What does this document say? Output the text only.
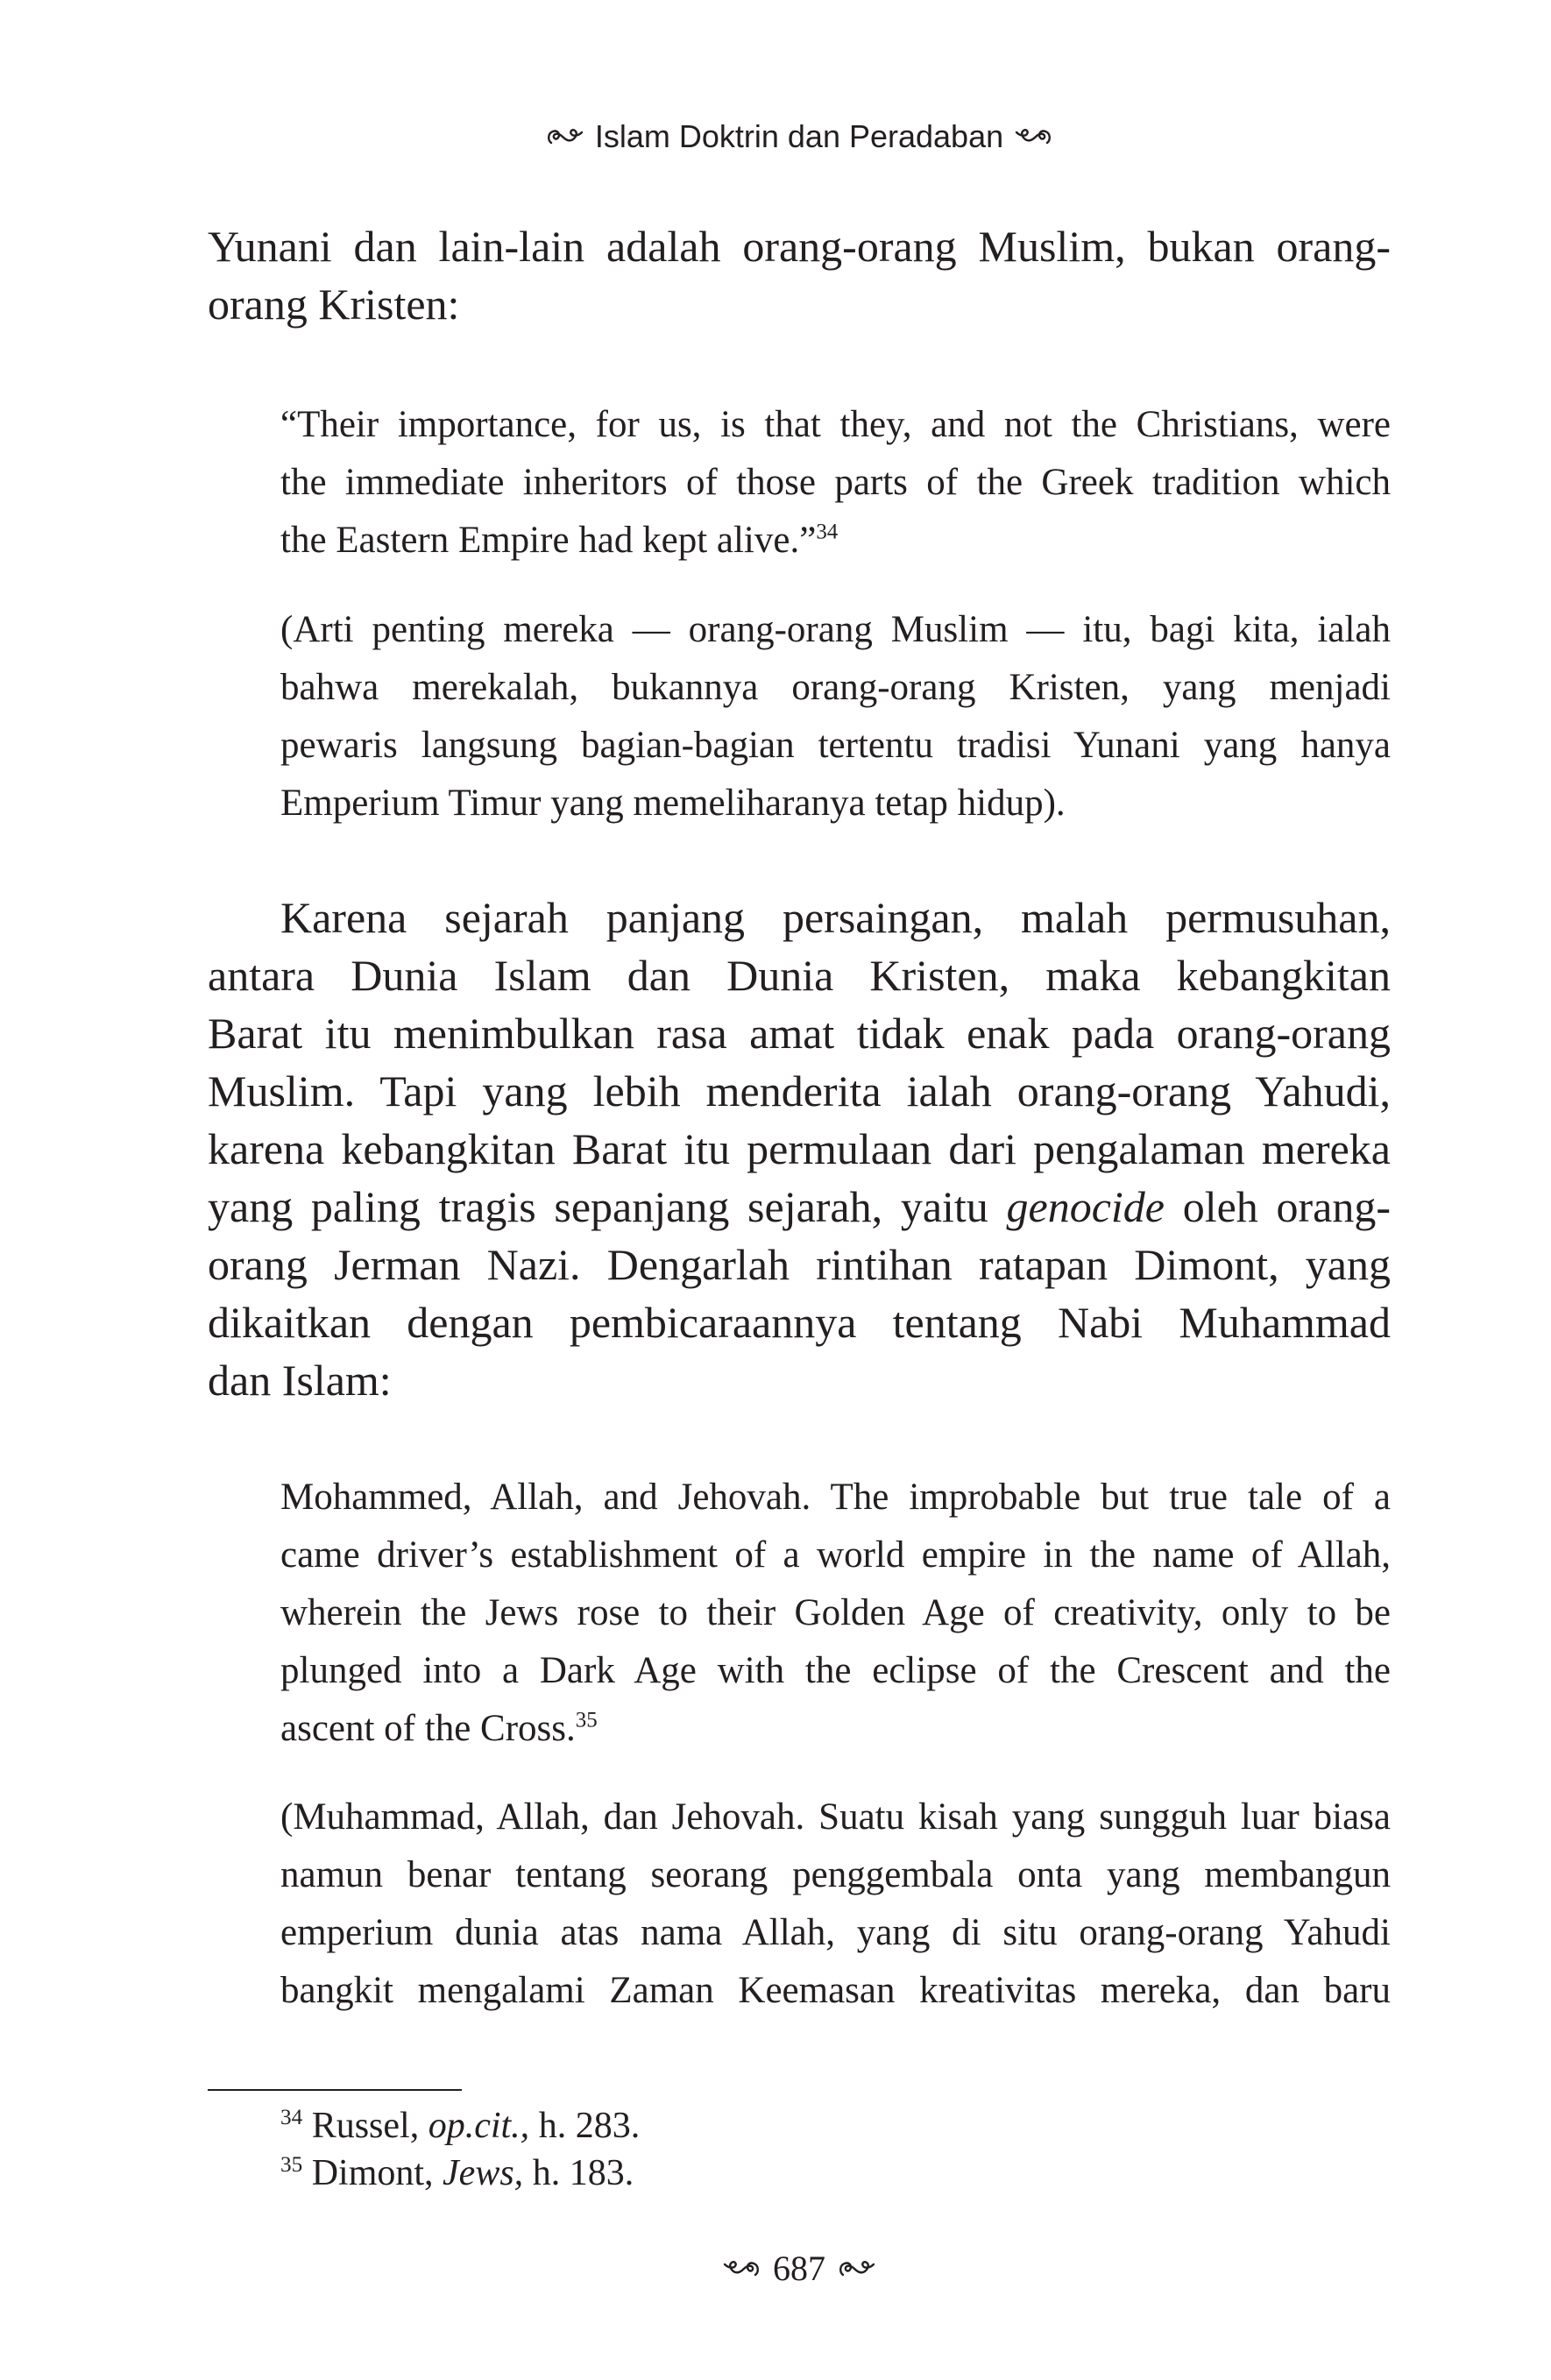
Islam Doktrin dan Peradaban
Yunani dan lain-lain adalah orang-orang Muslim, bukan orang-
orang Kristen:
“Their importance, for us, is that they, and not the Christians, were
the immediate inheritors of those parts of the Greek tradition which
the Eastern Empire had kept alive.”$^{34}$
(Arti penting mereka — orang-orang Muslim — itu, bagi kita, ialah
bahwa merekalah, bukannya orang-orang Kristen, yang menjadi
pewaris langsung bagian-bagian tertentu tradisi Yunani yang hanya
Emperium Timur yang memeliharanya tetap hidup).
Karena sejarah panjang persaingan, malah permusuhan,
antara Dunia Islam dan Dunia Kristen, maka kebangkitan
Barat itu menimbulkan rasa amat tidak enak pada orang-orang
Muslim. Tapi yang lebih menderita ialah orang-orang Yahudi,
karena kebangkitan Barat itu permulaan dari pengalaman mereka
yang paling tragis sepanjang sejarah, yaitu genocide oleh orang-
orang Jerman Nazi. Dengarlah rintihan ratapan Dimont, yang
dikaitkan dengan pembicaraannya tentang Nabi Muhammad
dan Islam:
Mohammed, Allah, and Jehovah. The improbable but true tale of a
came driver’s establishment of a world empire in the name of Allah,
wherein the Jews rose to their Golden Age of creativity, only to be
plunged into a Dark Age with the eclipse of the Crescent and the
ascent of the Cross.$^{35}$
(Muhammad, Allah, dan Jehovah. Suatu kisah yang sungguh luar biasa
namun benar tentang seorang penggembala onta yang membangun
emperium dunia atas nama Allah, yang di situ orang-orang Yahudi
bangkit mengalami Zaman Keemasan kreativitas mereka, dan baru
$^{34}$ Russel, op.cit., h. 283.
$^{35}$ Dimont, Jews, h. 183.
687
